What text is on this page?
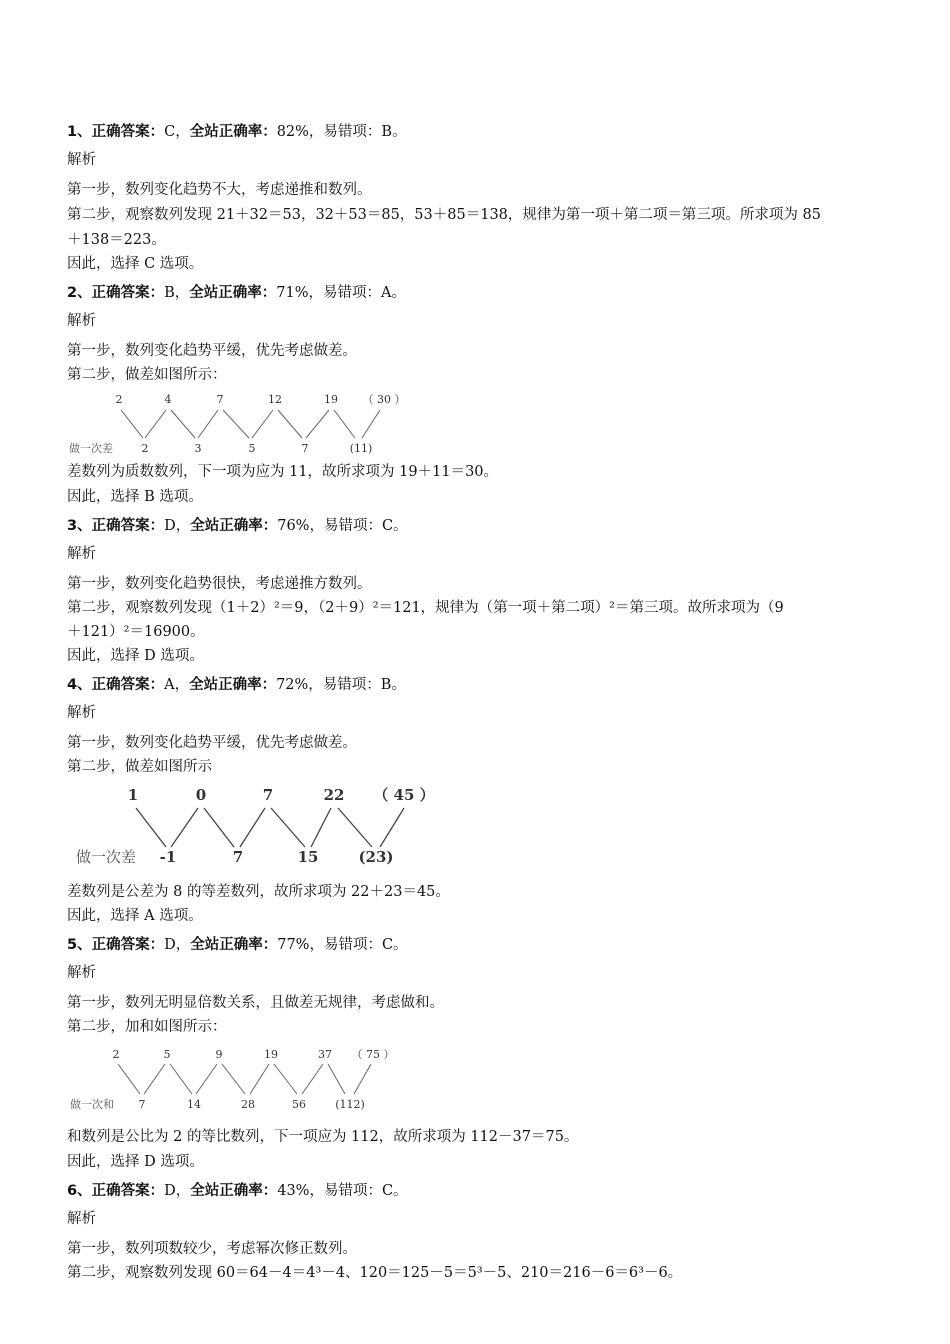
1、正确答案：C，全站正确率：82%，易错项：B。
解析
第一步，数列变化趋势不大，考虑递推和数列。
第二步，观察数列发现 21＋32＝53，32＋53＝85，53＋85＝138，规律为第一项＋第二项＝第三项。所求项为 85
＋138＝223。
因此，选择 C 选项。
2、正确答案：B，全站正确率：71%，易错项：A。
解析
第一步，数列变化趋势平缓，优先考虑做差。
第二步，做差如图所示：
做一次差
2	4	7	12	19 （ 30 ）
2	3	5	7	(11)
差数列为质数数列，下一项为应为 11，故所求项为 19＋11＝30。
因此，选择 B 选项。
3、正确答案：D，全站正确率：76%，易错项：C。
解析
第一步，数列变化趋势很快，考虑递推方数列。
第二步，观察数列发现（1＋2）²＝9，（2＋9）²＝121，规律为（第一项＋第二项）²＝第三项。故所求项为（9
＋121）²＝16900。
因此，选择 D 选项。
4、正确答案：A，全站正确率：72%，易错项：B。
解析
第一步，数列变化趋势平缓，优先考虑做差。
第二步，做差如图所示
做一次差
1	0	7	22 （ 45 ）
-1	7	15	(23)
差数列是公差为 8 的等差数列，故所求项为 22＋23＝45。
因此，选择 A 选项。
5、正确答案：D，全站正确率：77%，易错项：C。
解析
第一步，数列无明显倍数关系，且做差无规律，考虑做和。
第二步，加和如图所示：
做一次和
2	5	9	19	37 （ 75 ）
7	14	28	56	(112)
和数列是公比为 2 的等比数列，下一项应为 112，故所求项为 112－37＝75。
因此，选择 D 选项。
6、正确答案：D，全站正确率：43%，易错项：C。
解析
第一步，数列项数较少，考虑幂次修正数列。
第二步，观察数列发现 60＝64－4＝4³－4、120＝125－5＝5³－5、210＝216－6＝6³－6。
